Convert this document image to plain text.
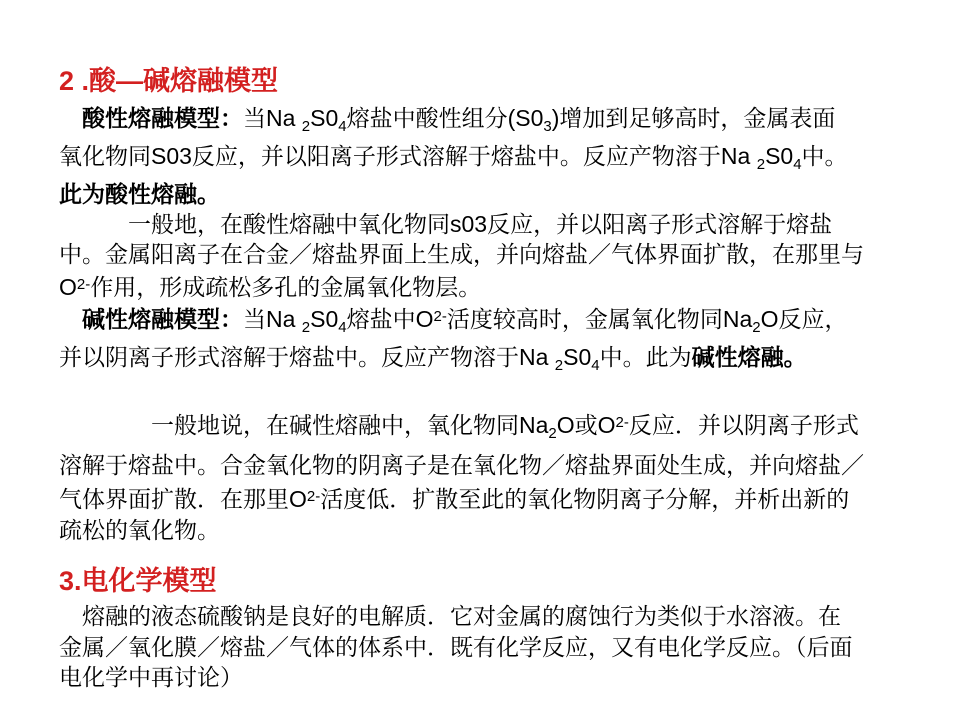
2 .酸—碱熔融模型
　酸性熔融模型：当Na $_2S0_4$熔盐中酸性组分$(S0_3)$增加到足够高时，金属表面
氧化物同S03反应，并以阳离子形式溶解于熔盐中。反应产物溶于Na $_2S0_4$中。
此为酸性熔融。
　　　一般地，在酸性熔融中氧化物同s03反应，并以阳离子形式溶解于熔盐
中。金属阳离子在合金／熔盐界面上生成，并向熔盐／气体界面扩散，在那里与
$O^{2-}$作用，形成疏松多孔的金属氧化物层。
　碱性熔融模型：当Na $_2S0_4$熔盐中$O^{2-}$活度较高时，金属氧化物同$Na_2O$反应，
并以阴离子形式溶解于熔盐中。反应产物溶于Na $_2S0_4$中。此为碱性熔融。
　　　　一般地说，在碱性熔融中，氧化物同$Na_2O$或$O^{2-}$反应．并以阴离子形式
溶解于熔盐中。合金氧化物的阴离子是在氧化物／熔盐界面处生成，并向熔盐／
气体界面扩散．在那里$O^{2-}$活度低．扩散至此的氧化物阴离子分解，并析出新的
疏松的氧化物。
3.电化学模型
　熔融的液态硫酸钠是良好的电解质．它对金属的腐蚀行为类似于水溶液。在
金属／氧化膜／熔盐／气体的体系中．既有化学反应，又有电化学反应。（后面
电化学中再讨论）
